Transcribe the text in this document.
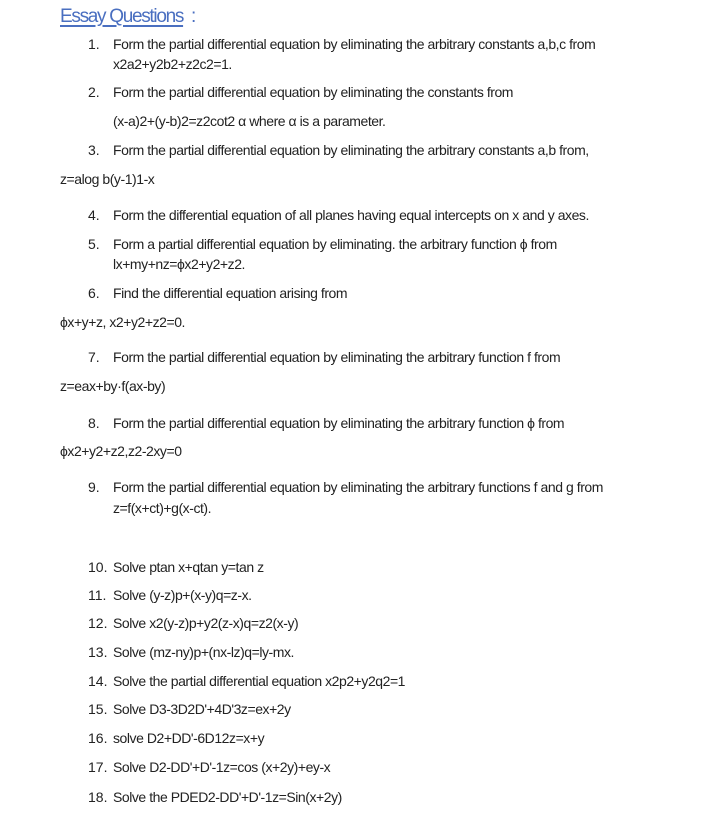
Essay Questions :
1. Form the partial differential equation by eliminating the arbitrary constants a,b,c from
x2a2+y2b2+z2c2=1.
2. Form the partial differential equation by eliminating the constants from
(x-a)2+(y-b)2=z2cot2 α where α is a parameter.
3. Form the partial differential equation by eliminating the arbitrary constants a,b from,
z=alog b(y-1)1-x
4. Form the differential equation of all planes having equal intercepts on x and y axes.
5. Form a partial differential equation by eliminating. the arbitrary function ϕ from
lx+my+nz=ϕx2+y2+z2.
6. Find the differential equation arising from
ϕx+y+z, x2+y2+z2=0.
7. Form the partial differential equation by eliminating the arbitrary function f from
z=eax+by·f(ax-by)
8. Form the partial differential equation by eliminating the arbitrary function ϕ from
ϕx2+y2+z2,z2-2xy=0
9. Form the partial differential equation by eliminating the arbitrary functions f and g from
z=f(x+ct)+g(x-ct).
10. Solve ptan x+qtan y=tan z
11. Solve (y-z)p+(x-y)q=z-x.
12. Solve x2(y-z)p+y2(z-x)q=z2(x-y)
13. Solve (mz-ny)p+(nx-lz)q=ly-mx.
14. Solve the partial differential equation x2p2+y2q2=1
15. Solve D3-3D2D'+4D'3z=ex+2y
16. solve D2+DD'-6D12z=x+y
17. Solve D2-DD'+D'-1z=cos (x+2y)+ey-x
18. Solve the PDED2-DD'+D'-1z=Sin(x+2y)
